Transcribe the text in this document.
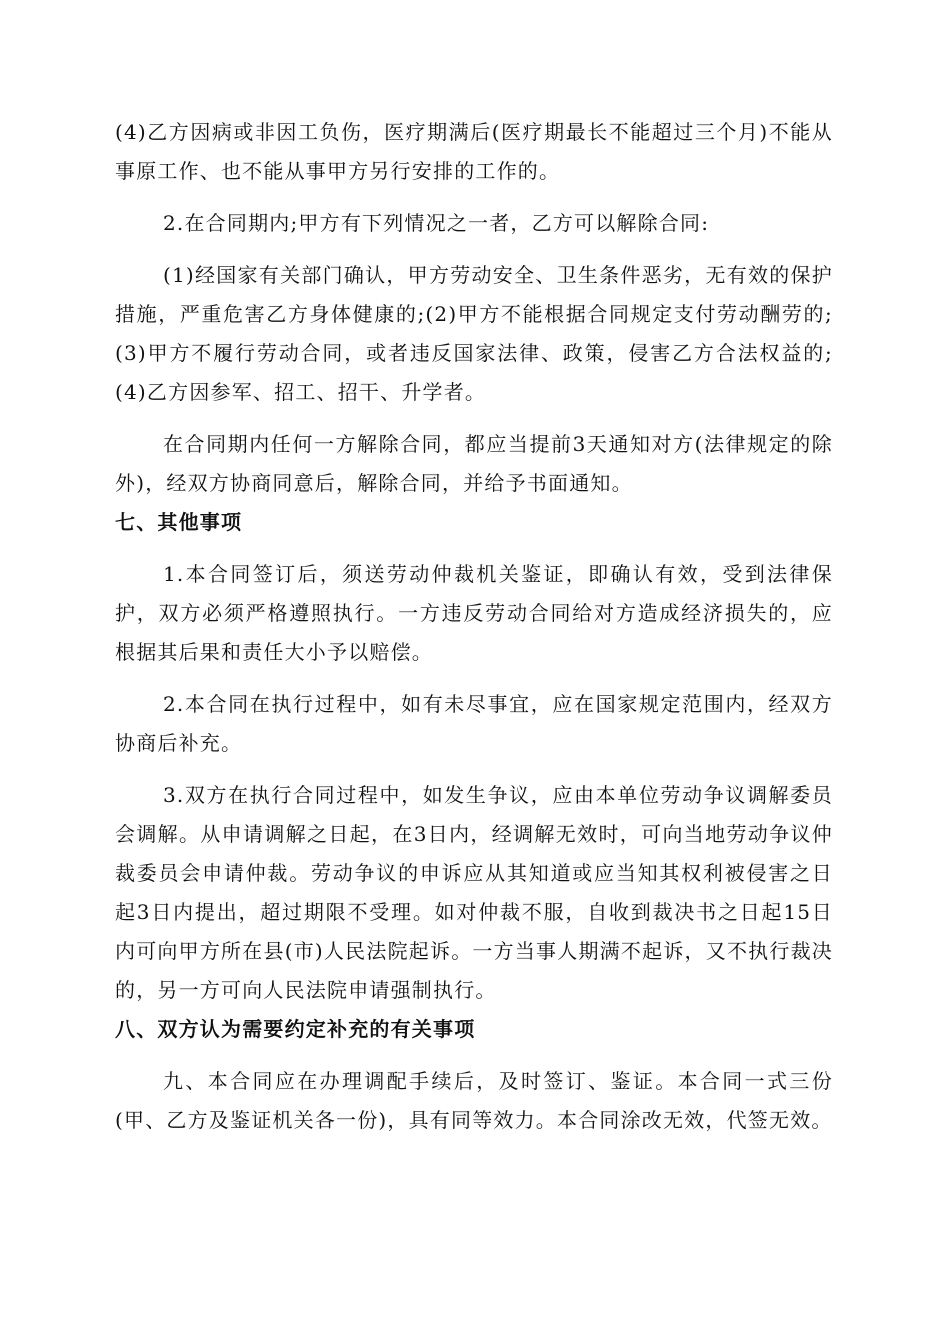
(4)乙方因病或非因工负伤，医疗期满后(医疗期最长不能超过三个月)不能从事原工作、也不能从事甲方另行安排的工作的。

2.在合同期内;甲方有下列情况之一者，乙方可以解除合同:

(1)经国家有关部门确认，甲方劳动安全、卫生条件恶劣，无有效的保护措施，严重危害乙方身体健康的;(2)甲方不能根据合同规定支付劳动酬劳的;(3)甲方不履行劳动合同，或者违反国家法律、政策，侵害乙方合法权益的;(4)乙方因参军、招工、招干、升学者。

在合同期内任何一方解除合同，都应当提前3天通知对方(法律规定的除外)，经双方协商同意后，解除合同，并给予书面通知。

七、其他事项

1.本合同签订后，须送劳动仲裁机关鉴证，即确认有效，受到法律保护，双方必须严格遵照执行。一方违反劳动合同给对方造成经济损失的，应根据其后果和责任大小予以赔偿。

2.本合同在执行过程中，如有未尽事宜，应在国家规定范围内，经双方协商后补充。

3.双方在执行合同过程中，如发生争议，应由本单位劳动争议调解委员会调解。从申请调解之日起，在3日内，经调解无效时，可向当地劳动争议仲裁委员会申请仲裁。劳动争议的申诉应从其知道或应当知其权利被侵害之日起3日内提出，超过期限不受理。如对仲裁不服，自收到裁决书之日起15日内可向甲方所在县(市)人民法院起诉。一方当事人期满不起诉，又不执行裁决的，另一方可向人民法院申请强制执行。

八、双方认为需要约定补充的有关事项

九、本合同应在办理调配手续后，及时签订、鉴证。本合同一式三份(甲、乙方及鉴证机关各一份)，具有同等效力。本合同涂改无效，代签无效。
